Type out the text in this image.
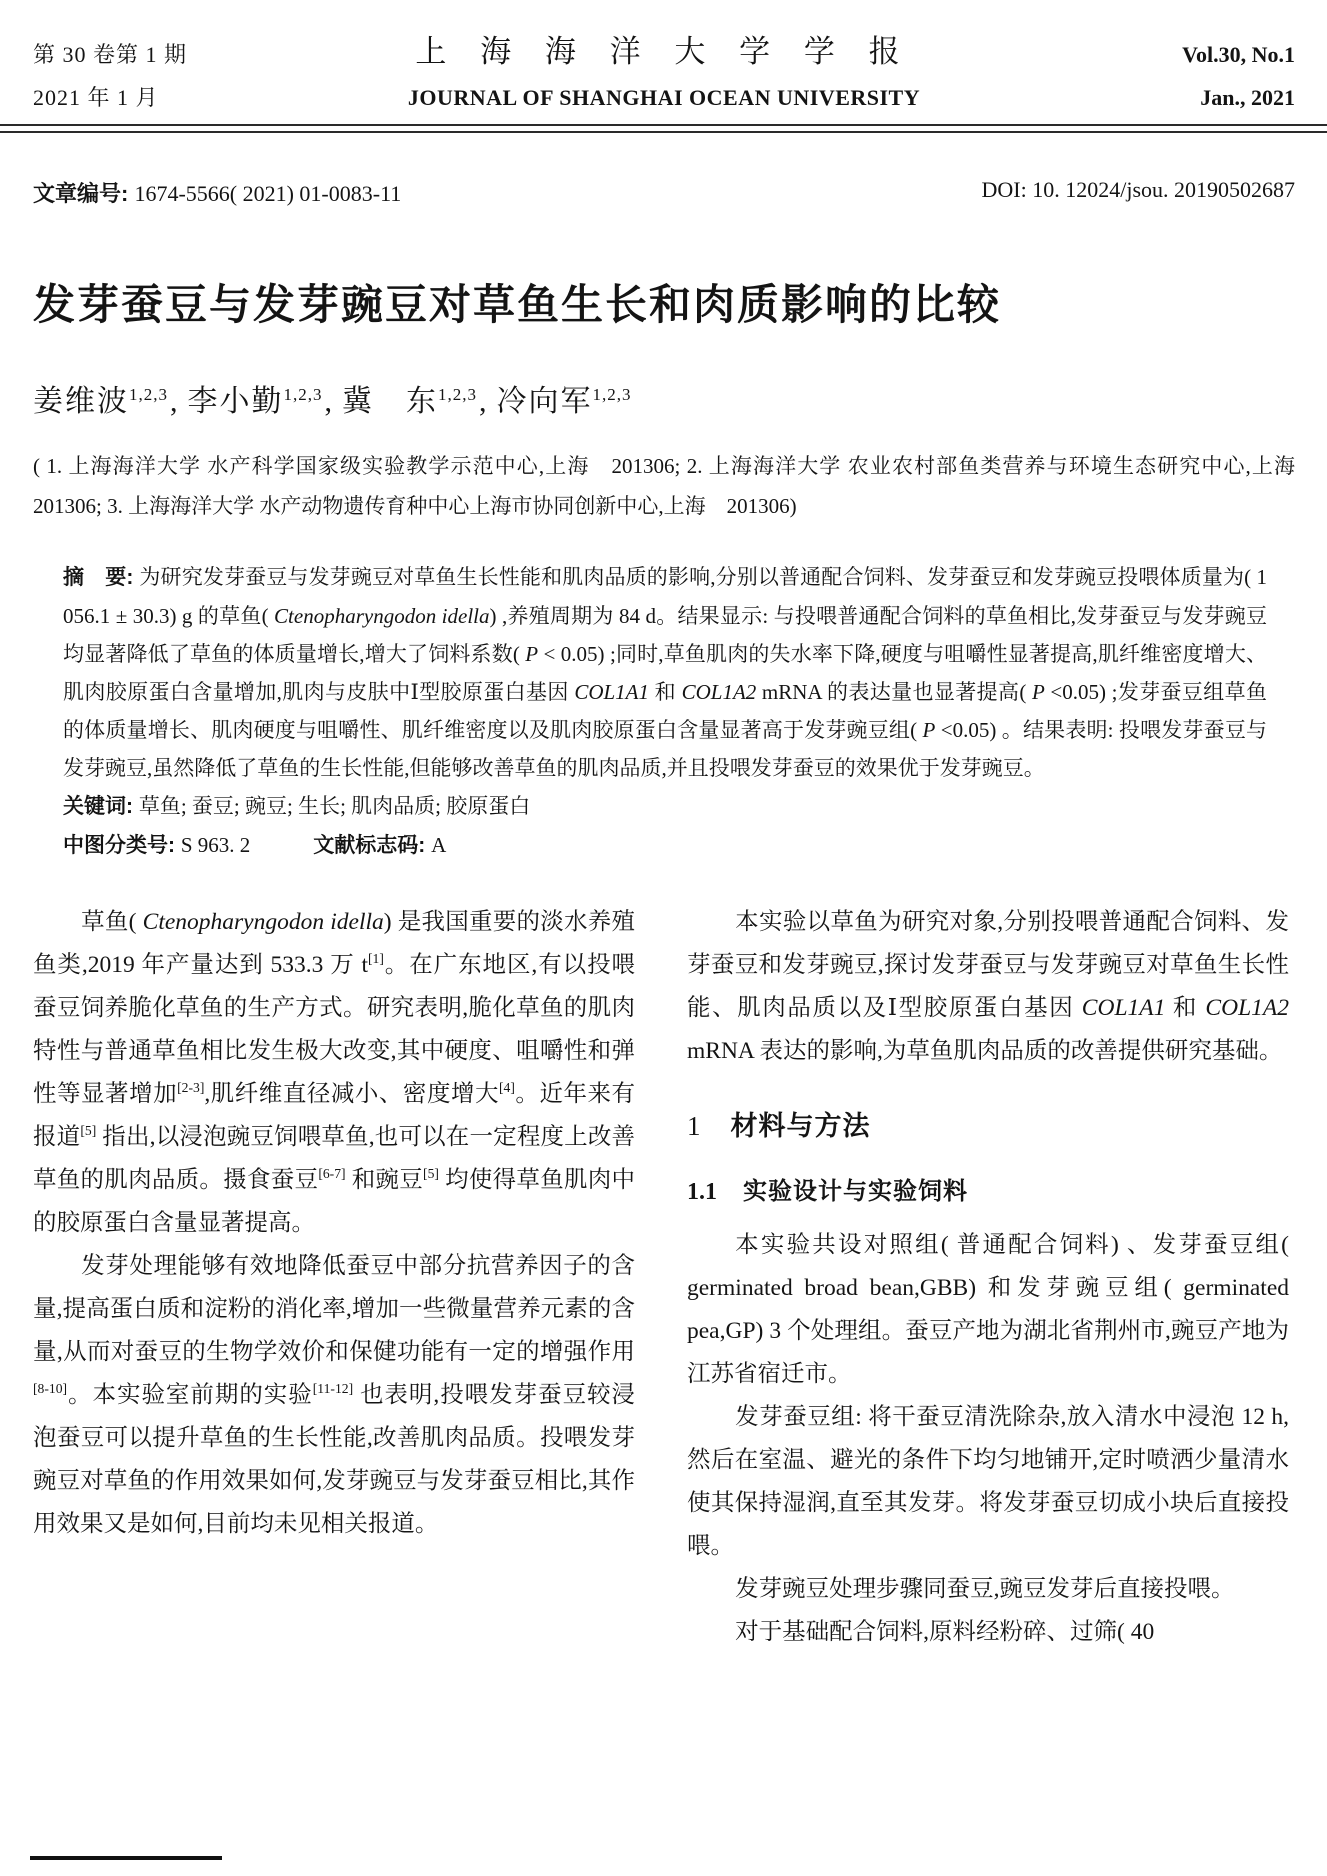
第 30 卷第 1 期	上 海 海 洋 大 学 学 报	Vol.30, No.1
2021 年 1 月	JOURNAL OF SHANGHAI OCEAN UNIVERSITY	Jan., 2021
文章编号: 1674-5566( 2021) 01-0083-11	DOI: 10. 12024/jsou. 20190502687
发芽蚕豆与发芽豌豆对草鱼生长和肉质影响的比较
姜维波$^{1,2,3}$, 李小勤$^{1,2,3}$, 冀　东$^{1,2,3}$, 冷向军$^{1,2,3}$
( 1. 上海海洋大学 水产科学国家级实验教学示范中心,上海　201306; 2. 上海海洋大学 农业农村部鱼类营养与环境生态研究中心,上海　201306; 3. 上海海洋大学 水产动物遗传育种中心上海市协同创新中心,上海　201306)

摘　要: 为研究发芽蚕豆与发芽豌豆对草鱼生长性能和肌肉品质的影响,分别以普通配合饲料、发芽蚕豆和发芽豌豆投喂体质量为( 1 056.1 ± 30.3) g 的草鱼( Ctenopharyngodon idella) ,养殖周期为 84 d。结果显示: 与投喂普通配合饲料的草鱼相比,发芽蚕豆与发芽豌豆均显著降低了草鱼的体质量增长,增大了饲料系数( P < 0.05) ;同时,草鱼肌肉的失水率下降,硬度与咀嚼性显著提高,肌纤维密度增大、肌肉胶原蛋白含量增加,肌肉与皮肤中Ⅰ型胶原蛋白基因 COL1A1 和 COL1A2 mRNA 的表达量也显著提高( P <0.05) ;发芽蚕豆组草鱼的体质量增长、肌肉硬度与咀嚼性、肌纤维密度以及肌肉胶原蛋白含量显著高于发芽豌豆组( P <0.05) 。结果表明: 投喂发芽蚕豆与发芽豌豆,虽然降低了草鱼的生长性能,但能够改善草鱼的肌肉品质,并且投喂发芽蚕豆的效果优于发芽豌豆。

关键词: 草鱼; 蚕豆; 豌豆; 生长; 肌肉品质; 胶原蛋白

中图分类号: S 963. 2　　　	文献标志码: A

草鱼( Ctenopharyngodon idella) 是我国重要的淡水养殖鱼类,2019 年产量达到 533.3 万 t[1]。在广东地区,有以投喂蚕豆饲养脆化草鱼的生产方式。研究表明,脆化草鱼的肌肉特性与普通草鱼相比发生极大改变,其中硬度、咀嚼性和弹性等显著增加[2-3],肌纤维直径减小、密度增大[4]。近年来有报道[5] 指出,以浸泡豌豆饲喂草鱼,也可以在一定程度上改善草鱼的肌肉品质。摄食蚕豆[6-7] 和豌豆[5] 均使得草鱼肌肉中的胶原蛋白含量显著提高。

发芽处理能够有效地降低蚕豆中部分抗营养因子的含量,提高蛋白质和淀粉的消化率,增加一些微量营养元素的含量,从而对蚕豆的生物学效价和保健功能有一定的增强作用[8-10]。本实验室前期的实验[11-12] 也表明,投喂发芽蚕豆较浸泡蚕豆可以提升草鱼的生长性能,改善肌肉品质。投喂发芽豌豆对草鱼的作用效果如何,发芽豌豆与发芽蚕豆相比,其作用效果又是如何,目前均未见相关报道。

本实验以草鱼为研究对象,分别投喂普通配合饲料、发芽蚕豆和发芽豌豆,探讨发芽蚕豆与发芽豌豆对草鱼生长性能、肌肉品质以及Ⅰ型胶原蛋白基因 COL1A1 和 COL1A2 mRNA 表达的影响,为草鱼肌肉品质的改善提供研究基础。

1 材料与方法
1.1 实验设计与实验饲料

本实验共设对照组( 普通配合饲料) 、发芽蚕豆组( germinated broad bean,GBB) 和发芽豌豆组( germinated pea,GP) 3 个处理组。蚕豆产地为湖北省荆州市,豌豆产地为江苏省宿迁市。

发芽蚕豆组: 将干蚕豆清洗除杂,放入清水中浸泡 12 h,然后在室温、避光的条件下均匀地铺开,定时喷洒少量清水使其保持湿润,直至其发芽。将发芽蚕豆切成小块后直接投喂。

发芽豌豆处理步骤同蚕豆,豌豆发芽后直接投喂。

对于基础配合饲料,原料经粉碎、过筛( 40
